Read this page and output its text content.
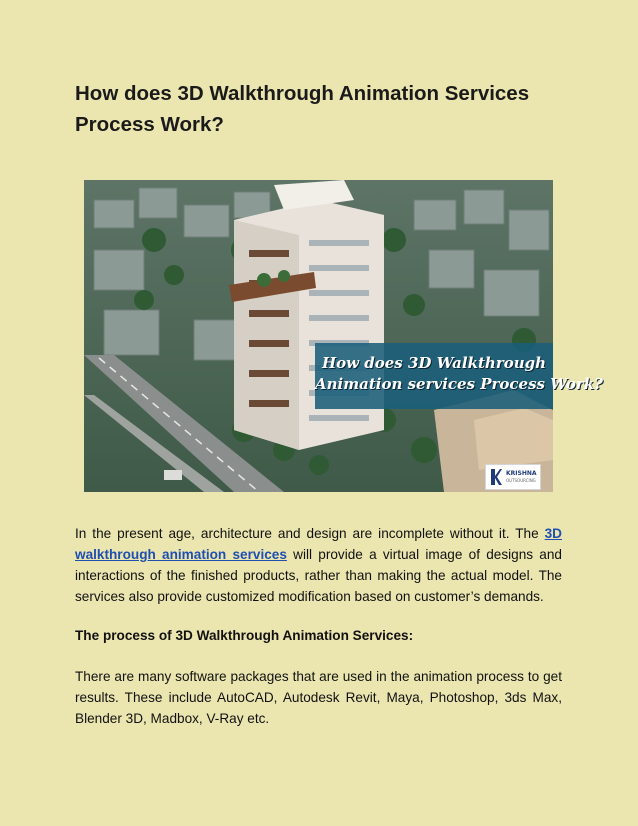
How does 3D Walkthrough Animation Services Process Work?
How does 3D Walkthrough
Animation services Process Work?
KRISHNA
OUTSOURCING
In the present age, architecture and design are incomplete without it. The 3D walkthrough animation services will provide a virtual image of designs and interactions of the finished products, rather than making the actual model. The services also provide customized modification based on customer’s demands.
The process of 3D Walkthrough Animation Services:
There are many software packages that are used in the animation process to get results. These include AutoCAD, Autodesk Revit, Maya, Photoshop, 3ds Max, Blender 3D, Madbox, V-Ray etc.
